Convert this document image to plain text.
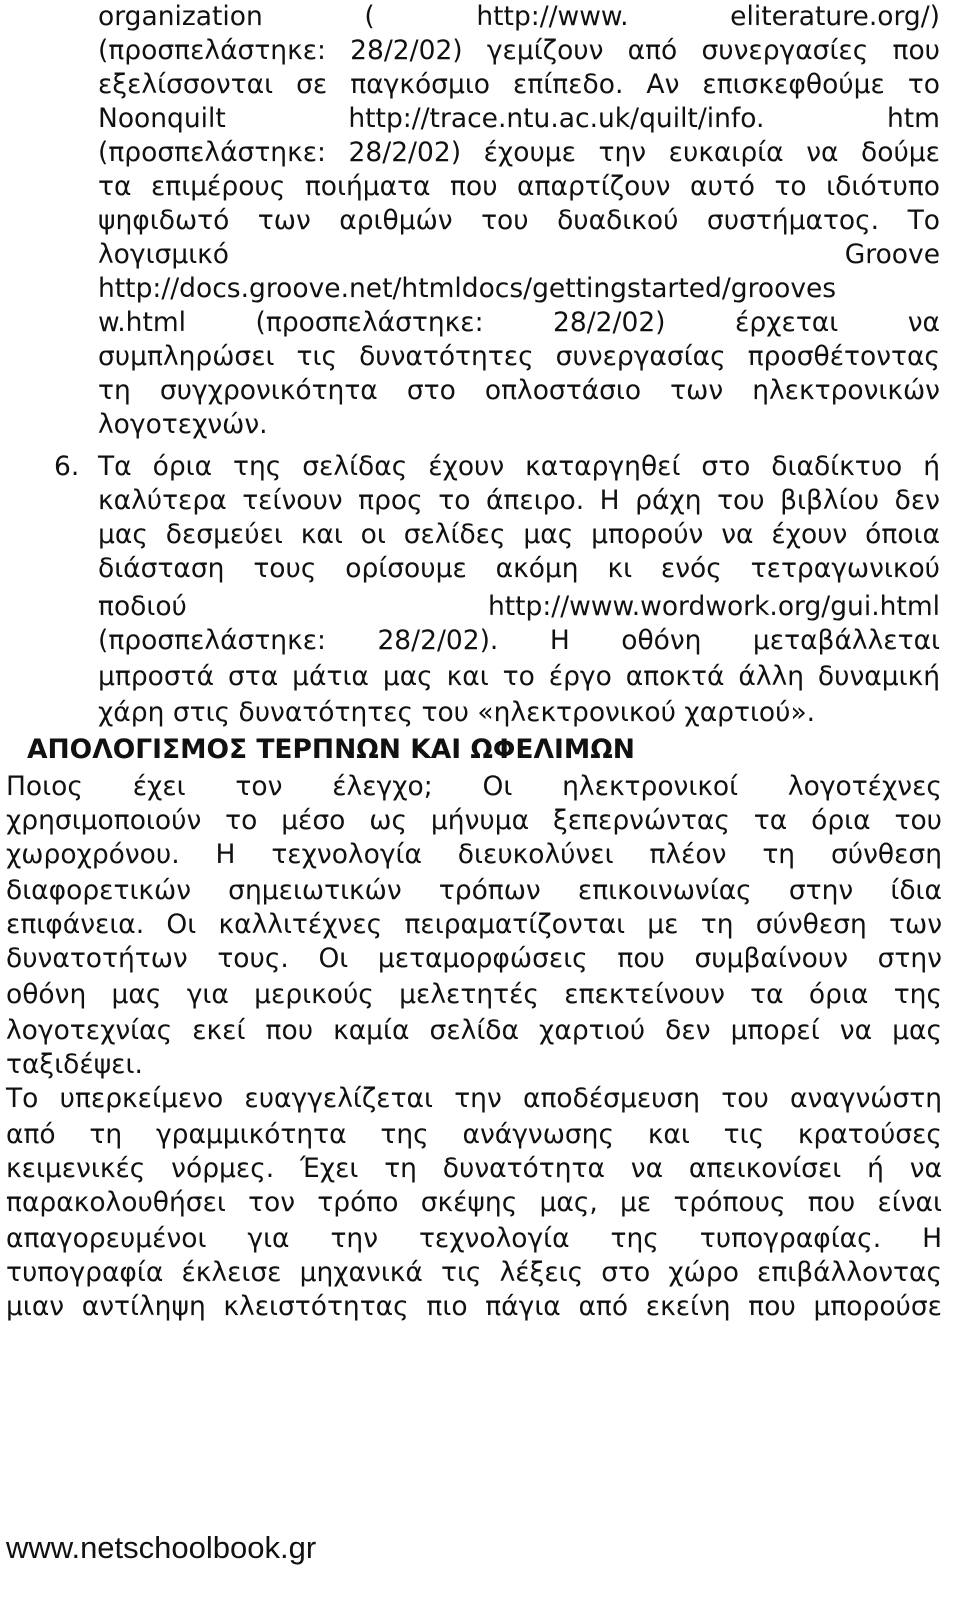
organization ( http://www. eliterature.org/)
(προσπελάστηκε: 28/2/02) γεμίζουν από συνεργασίες που
εξελίσσονται σε παγκόσμιο επίπεδο. Αν επισκεφθούμε το
Noonquilt http://trace.ntu.ac.uk/quilt/info. htm
(προσπελάστηκε: 28/2/02) έχουμε την ευκαιρία να δούμε
τα επιμέρους ποιήματα που απαρτίζουν αυτό το ιδιότυπο
ψηφιδωτό των αριθμών του δυαδικού συστήματος. Το
λογισμικό Groove
http://docs.groove.net/htmldocs/gettingstarted/grooves
w.html (προσπελάστηκε: 28/2/02) έρχεται να
συμπληρώσει τις δυνατότητες συνεργασίας προσθέτοντας
τη συγχρονικότητα στο οπλοστάσιο των ηλεκτρονικών
λογοτεχνών.
6. Τα όρια της σελίδας έχουν καταργηθεί στο διαδίκτυο ή
καλύτερα τείνουν προς το άπειρο. Η ράχη του βιβλίου δεν
μας δεσμεύει και οι σελίδες μας μπορούν να έχουν όποια
διάσταση τους ορίσουμε ακόμη κι ενός τετραγωνικού
ποδιού http://www.wordwork.org/gui.html
(προσπελάστηκε: 28/2/02). Η οθόνη μεταβάλλεται
μπροστά στα μάτια μας και το έργο αποκτά άλλη δυναμική
χάρη στις δυνατότητες του «ηλεκτρονικού χαρτιού».
ΑΠΟΛΟΓΙΣΜΟΣ ΤΕΡΠΝΩΝ ΚΑΙ ΩΦΕΛΙΜΩΝ
Ποιος έχει τον έλεγχο; Οι ηλεκτρονικοί λογοτέχνες
χρησιμοποιούν το μέσο ως μήνυμα ξεπερνώντας τα όρια του
χωροχρόνου. Η τεχνολογία διευκολύνει πλέον τη σύνθεση
διαφορετικών σημειωτικών τρόπων επικοινωνίας στην ίδια
επιφάνεια. Οι καλλιτέχνες πειραματίζονται με τη σύνθεση των
δυνατοτήτων τους. Οι μεταμορφώσεις που συμβαίνουν στην
οθόνη μας για μερικούς μελετητές επεκτείνουν τα όρια της
λογοτεχνίας εκεί που καμία σελίδα χαρτιού δεν μπορεί να μας
ταξιδέψει.
Το υπερκείμενο ευαγγελίζεται την αποδέσμευση του αναγνώστη
από τη γραμμικότητα της ανάγνωσης και τις κρατούσες
κειμενικές νόρμες. Έχει τη δυνατότητα να απεικονίσει ή να
παρακολουθήσει τον τρόπο σκέψης μας, με τρόπους που είναι
απαγορευμένοι για την τεχνολογία της τυπογραφίας. Η
τυπογραφία έκλεισε μηχανικά τις λέξεις στο χώρο επιβάλλοντας
μιαν αντίληψη κλειστότητας πιο πάγια από εκείνη που μπορούσε
www.netschoolbook.gr
